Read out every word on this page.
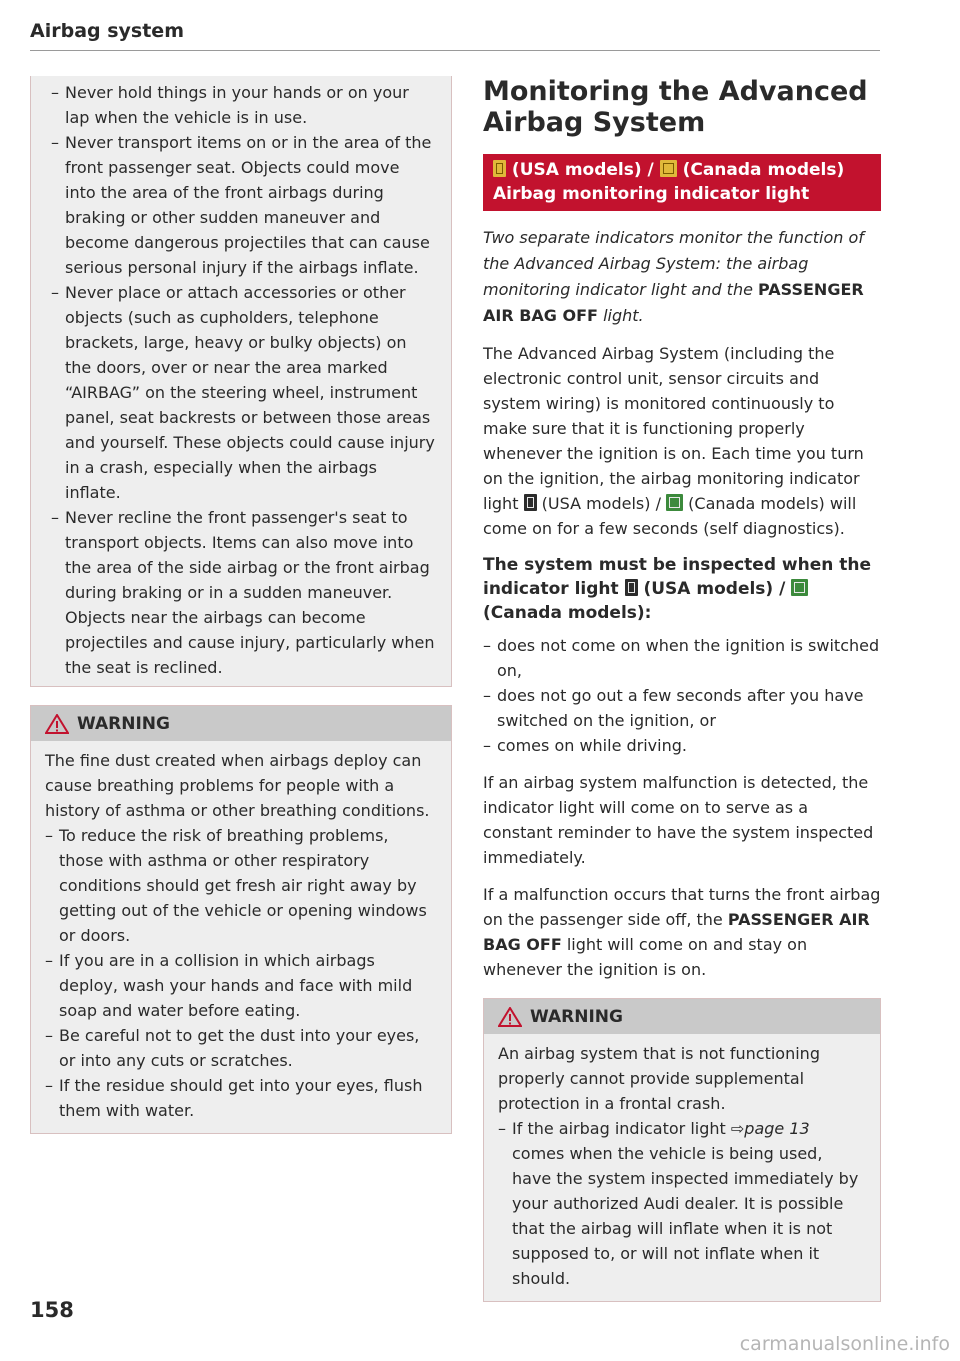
Airbag system
– Never hold things in your hands or on your lap when the vehicle is in use.
– Never transport items on or in the area of the front passenger seat. Objects could move into the area of the front airbags during braking or other sudden maneuver and become dangerous projectiles that can cause serious personal injury if the airbags inflate.
– Never place or attach accessories or other objects (such as cupholders, telephone brackets, large, heavy or bulky objects) on the doors, over or near the area marked “AIRBAG” on the steering wheel, instrument panel, seat backrests or between those areas and yourself. These objects could cause injury in a crash, especially when the airbags inflate.
– Never recline the front passenger's seat to transport objects. Items can also move into the area of the side airbag or the front airbag during braking or in a sudden maneuver. Objects near the airbags can become projectiles and cause injury, particularly when the seat is reclined.
WARNING

The fine dust created when airbags deploy can cause breathing problems for people with a history of asthma or other breathing conditions.

– To reduce the risk of breathing problems, those with asthma or other respiratory conditions should get fresh air right away by getting out of the vehicle or opening windows or doors.
– If you are in a collision in which airbags deploy, wash your hands and face with mild soap and water before eating.
– Be careful not to get the dust into your eyes, or into any cuts or scratches.
– If the residue should get into your eyes, flush them with water.
Monitoring the Advanced Airbag System
(USA models) / (Canada models)
Airbag monitoring indicator light

Two separate indicators monitor the function of the Advanced Airbag System: the airbag monitoring indicator light and the PASSENGER AIR BAG OFF light.

The Advanced Airbag System (including the electronic control unit, sensor circuits and system wiring) is monitored continuously to make sure that it is functioning properly whenever the ignition is on. Each time you turn on the ignition, the airbag monitoring indicator light (USA models) / (Canada models) will come on for a few seconds (self diagnostics).

The system must be inspected when the indicator light (USA models) /  (Canada models):

– does not come on when the ignition is switched on,
– does not go out a few seconds after you have switched on the ignition, or
– comes on while driving.

If an airbag system malfunction is detected, the indicator light will come on to serve as a constant reminder to have the system inspected immediately.

If a malfunction occurs that turns the front airbag on the passenger side off, the PASSENGER AIR BAG OFF light will come on and stay on whenever the ignition is on.

WARNING

An airbag system that is not functioning properly cannot provide supplemental protection in a frontal crash.

– If the airbag indicator light ⇨page 13 comes when the vehicle is being used, have the system inspected immediately by your authorized Audi dealer. It is possible that the airbag will inflate when it is not supposed to, or will not inflate when it should.
158
carmanualsonline.info
